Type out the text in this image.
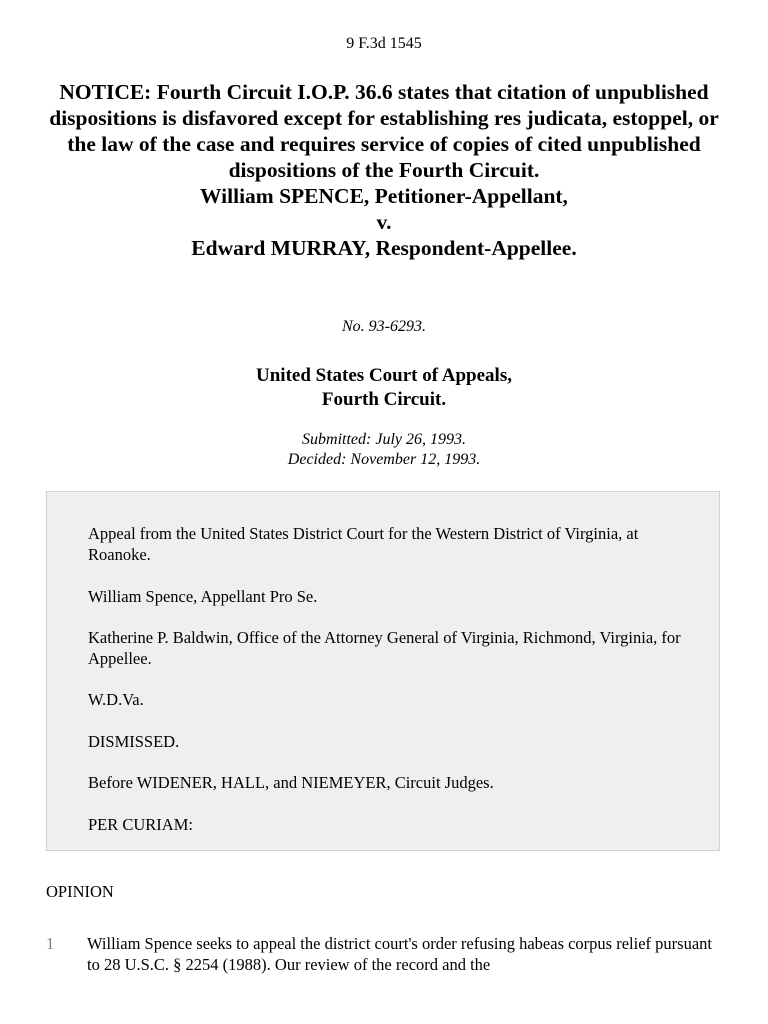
9 F.3d 1545
NOTICE: Fourth Circuit I.O.P. 36.6 states that citation of unpublished dispositions is disfavored except for establishing res judicata, estoppel, or the law of the case and requires service of copies of cited unpublished dispositions of the Fourth Circuit.
William SPENCE, Petitioner-Appellant,
v.
Edward MURRAY, Respondent-Appellee.
No. 93-6293.
United States Court of Appeals,
Fourth Circuit.
Submitted: July 26, 1993.
Decided: November 12, 1993.

Appeal from the United States District Court for the Western District of Virginia, at Roanoke.

William Spence, Appellant Pro Se.

Katherine P. Baldwin, Office of the Attorney General of Virginia, Richmond, Virginia, for Appellee.

W.D.Va.

DISMISSED.

Before WIDENER, HALL, and NIEMEYER, Circuit Judges.

PER CURIAM:

OPINION
1 William Spence seeks to appeal the district court's order refusing habeas corpus relief pursuant to 28 U.S.C. § 2254 (1988). Our review of the record and the
